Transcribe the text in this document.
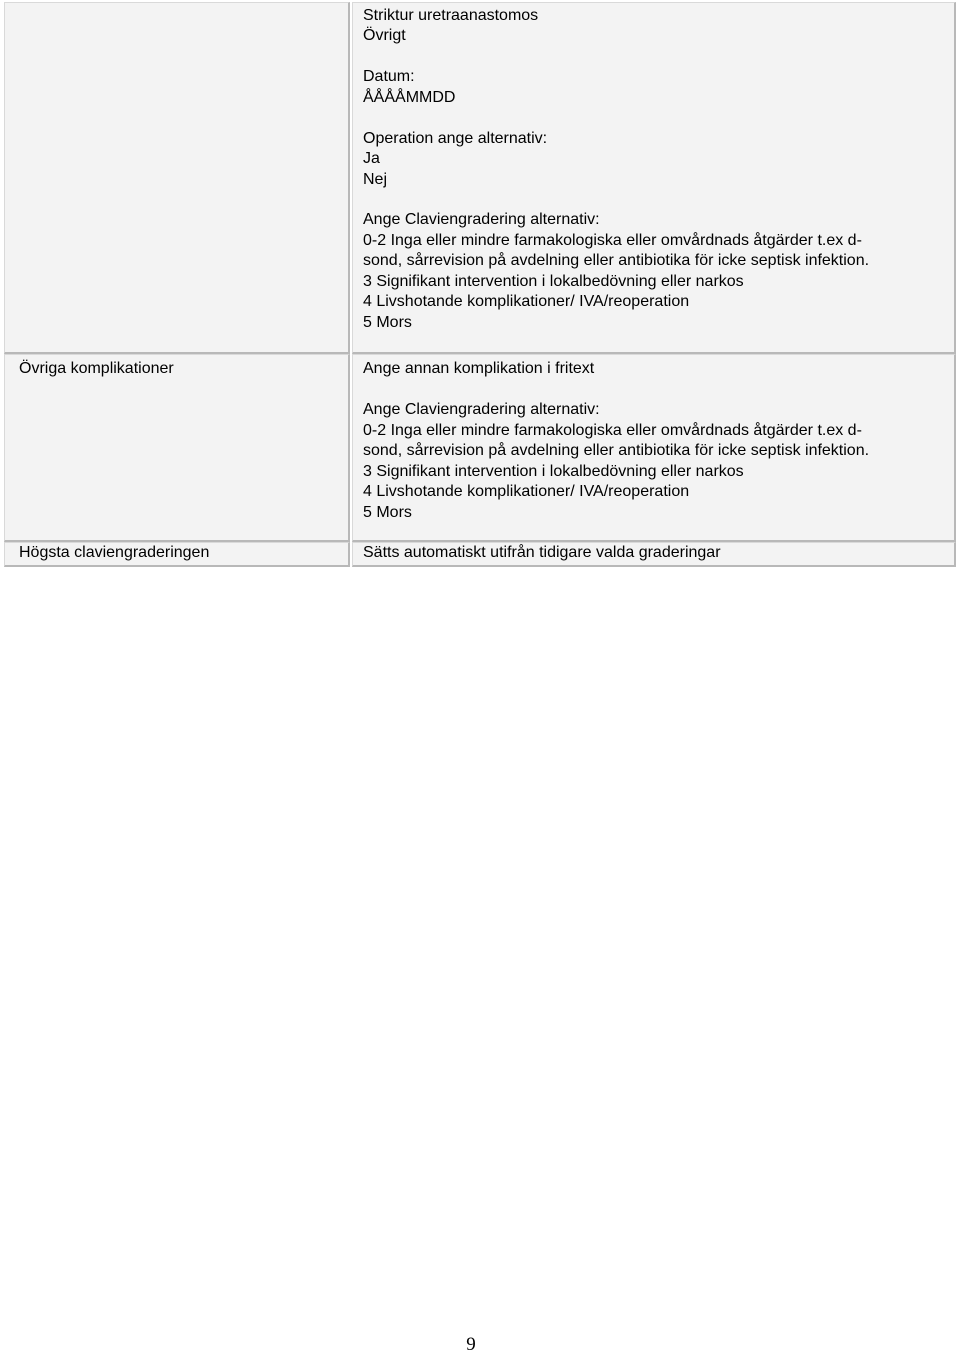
Striktur uretraanastomos
Övrigt
Datum:
ÅÅÅÅMMDD
Operation ange alternativ:
Ja
Nej
Ange Claviengradering alternativ:
0-2 Inga eller mindre farmakologiska eller omvårdnads åtgärder t.ex d-
sond, sårrevision på avdelning eller antibiotika för icke septisk infektion.
3 Signifikant intervention i lokalbedövning eller narkos
4 Livshotande komplikationer/ IVA/reoperation
5 Mors
Övriga komplikationer	Ange annan komplikation i fritext
Ange Claviengradering alternativ:
0-2 Inga eller mindre farmakologiska eller omvårdnads åtgärder t.ex d-
sond, sårrevision på avdelning eller antibiotika för icke septisk infektion.
3 Signifikant intervention i lokalbedövning eller narkos
4 Livshotande komplikationer/ IVA/reoperation
5 Mors
Högsta claviengraderingen	Sätts automatiskt utifrån tidigare valda graderingar
9
